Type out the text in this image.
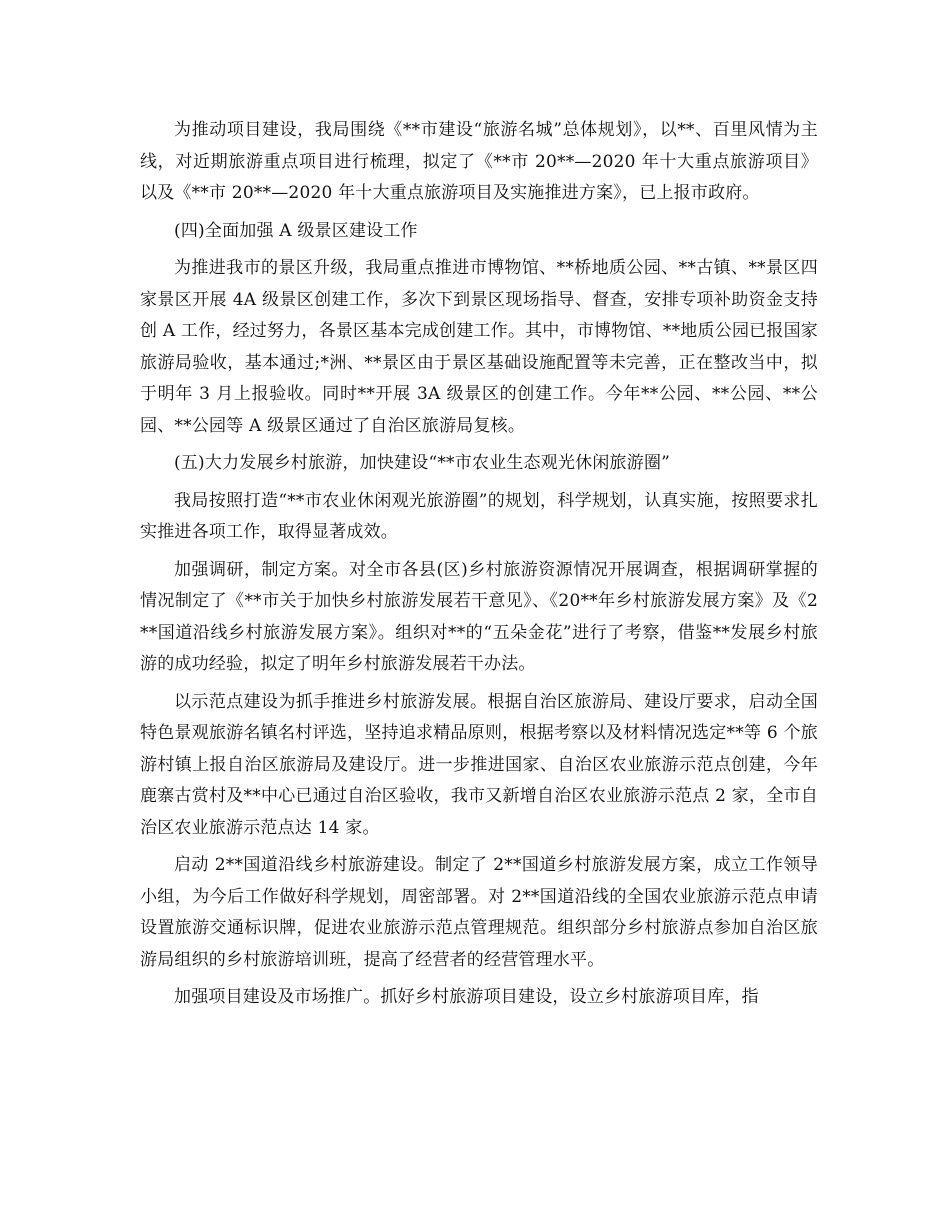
为推动项目建设，我局围绕《**市建设“旅游名城”总体规划》，以**、百里风情为主线，对近期旅游重点项目进行梳理，拟定了《**市 20**—2020 年十大重点旅游项目》以及《**市 20**—2020 年十大重点旅游项目及实施推进方案》，已上报市政府。

(四)全面加强 A 级景区建设工作

为推进我市的景区升级，我局重点推进市博物馆、**桥地质公园、**古镇、**景区四家景区开展 4A 级景区创建工作，多次下到景区现场指导、督查，安排专项补助资金支持创 A 工作，经过努力，各景区基本完成创建工作。其中，市博物馆、**地质公园已报国家旅游局验收，基本通过;*洲、**景区由于景区基础设施配置等未完善，正在整改当中，拟于明年 3 月上报验收。同时**开展 3A 级景区的创建工作。今年**公园、**公园、**公园、**公园等 A 级景区通过了自治区旅游局复核。

(五)大力发展乡村旅游，加快建设“**市农业生态观光休闲旅游圈”

我局按照打造“**市农业休闲观光旅游圈”的规划，科学规划，认真实施，按照要求扎实推进各项工作，取得显著成效。

加强调研，制定方案。对全市各县(区)乡村旅游资源情况开展调查，根据调研掌握的情况制定了《**市关于加快乡村旅游发展若干意见》、《20**年乡村旅游发展方案》及《2**国道沿线乡村旅游发展方案》。组织对**的“五朵金花”进行了考察，借鉴**发展乡村旅游的成功经验，拟定了明年乡村旅游发展若干办法。

以示范点建设为抓手推进乡村旅游发展。根据自治区旅游局、建设厅要求，启动全国特色景观旅游名镇名村评选，坚持追求精品原则，根据考察以及材料情况选定**等 6 个旅游村镇上报自治区旅游局及建设厅。进一步推进国家、自治区农业旅游示范点创建，今年鹿寨古赏村及**中心已通过自治区验收，我市又新增自治区农业旅游示范点 2 家，全市自治区农业旅游示范点达 14 家。

启动 2**国道沿线乡村旅游建设。制定了 2**国道乡村旅游发展方案，成立工作领导小组，为今后工作做好科学规划，周密部署。对 2**国道沿线的全国农业旅游示范点申请设置旅游交通标识牌，促进农业旅游示范点管理规范。组织部分乡村旅游点参加自治区旅游局组织的乡村旅游培训班，提高了经营者的经营管理水平。

加强项目建设及市场推广。抓好乡村旅游项目建设，设立乡村旅游项目库，指
